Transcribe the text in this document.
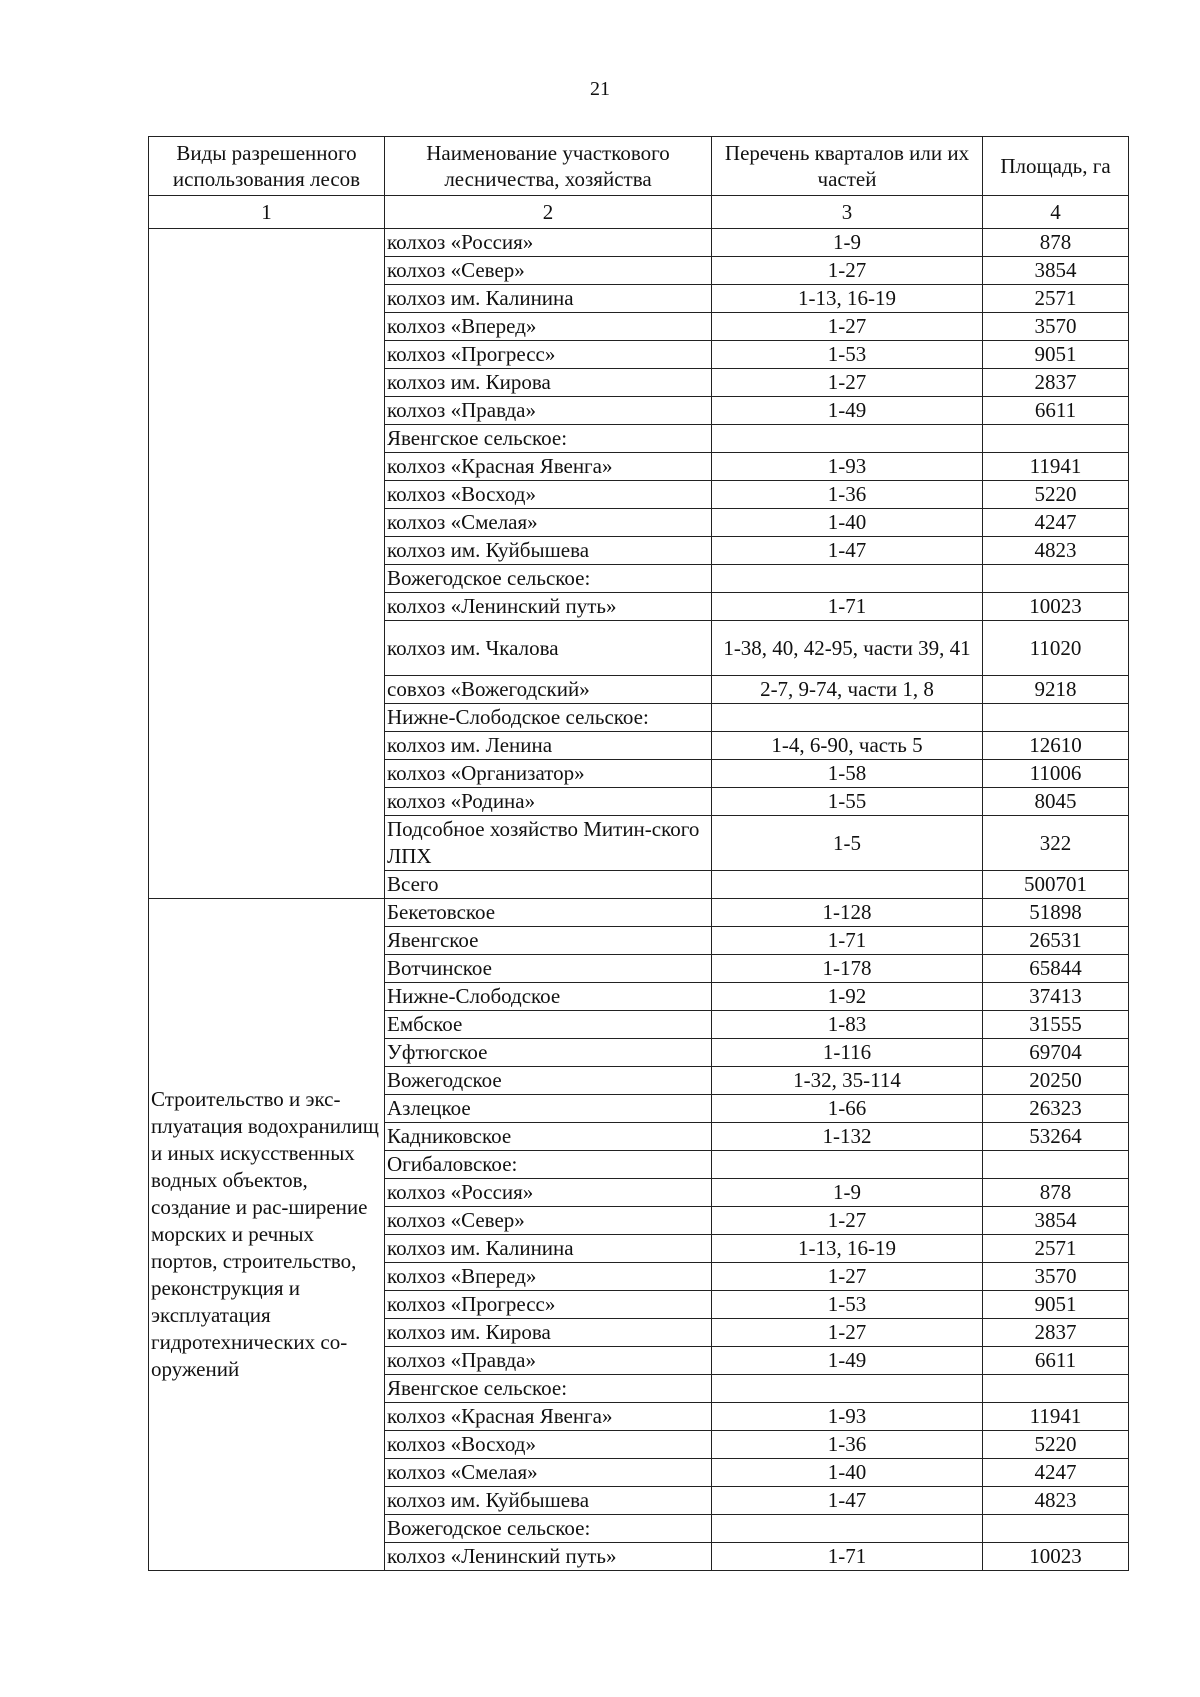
21
Виды разрешенного использования лесов	Наименование участкового лесничества, хозяйства	Перечень кварталов или их частей	Площадь, га
1	2	3	4
	колхоз «Россия»	1-9	878
	колхоз «Север»	1-27	3854
	колхоз им. Калинина	1-13, 16-19	2571
	колхоз «Вперед»	1-27	3570
	колхоз «Прогресс»	1-53	9051
	колхоз им. Кирова	1-27	2837
	колхоз «Правда»	1-49	6611
	Явенгское сельское:		
	колхоз «Красная Явенга»	1-93	11941
	колхоз «Восход»	1-36	5220
	колхоз «Смелая»	1-40	4247
	колхоз им. Куйбышева	1-47	4823
	Вожегодское сельское:		
	колхоз «Ленинский путь»	1-71	10023
	колхоз им. Чкалова	1-38, 40, 42-95, части 39, 41	11020
	совхоз «Вожегодский»	2-7, 9-74, части 1, 8	9218
	Нижне-Слободское сельское:		
	колхоз им. Ленина	1-4, 6-90, часть 5	12610
	колхоз «Организатор»	1-58	11006
	колхоз «Родина»	1-55	8045
	Подсобное хозяйство Митин-ского ЛПХ	1-5	322
	Всего		500701
Строительство и экс-плуатация водохранилищ и иных искусственных водных объектов, создание и рас-ширение морских и речных портов, строительство, реконструкция и эксплуатация гидротехнических со-оружений	Бекетовское	1-128	51898
	Явенгское	1-71	26531
	Вотчинское	1-178	65844
	Нижне-Слободское	1-92	37413
	Ембское	1-83	31555
	Уфтюгское	1-116	69704
	Вожегодское	1-32, 35-114	20250
	Азлецкое	1-66	26323
	Кадниковское	1-132	53264
	Огибаловское:		
	колхоз «Россия»	1-9	878
	колхоз «Север»	1-27	3854
	колхоз им. Калинина	1-13, 16-19	2571
	колхоз «Вперед»	1-27	3570
	колхоз «Прогресс»	1-53	9051
	колхоз им. Кирова	1-27	2837
	колхоз «Правда»	1-49	6611
	Явенгское сельское:		
	колхоз «Красная Явенга»	1-93	11941
	колхоз «Восход»	1-36	5220
	колхоз «Смелая»	1-40	4247
	колхоз им. Куйбышева	1-47	4823
	Вожегодское сельское:		
	колхоз «Ленинский путь»	1-71	10023
